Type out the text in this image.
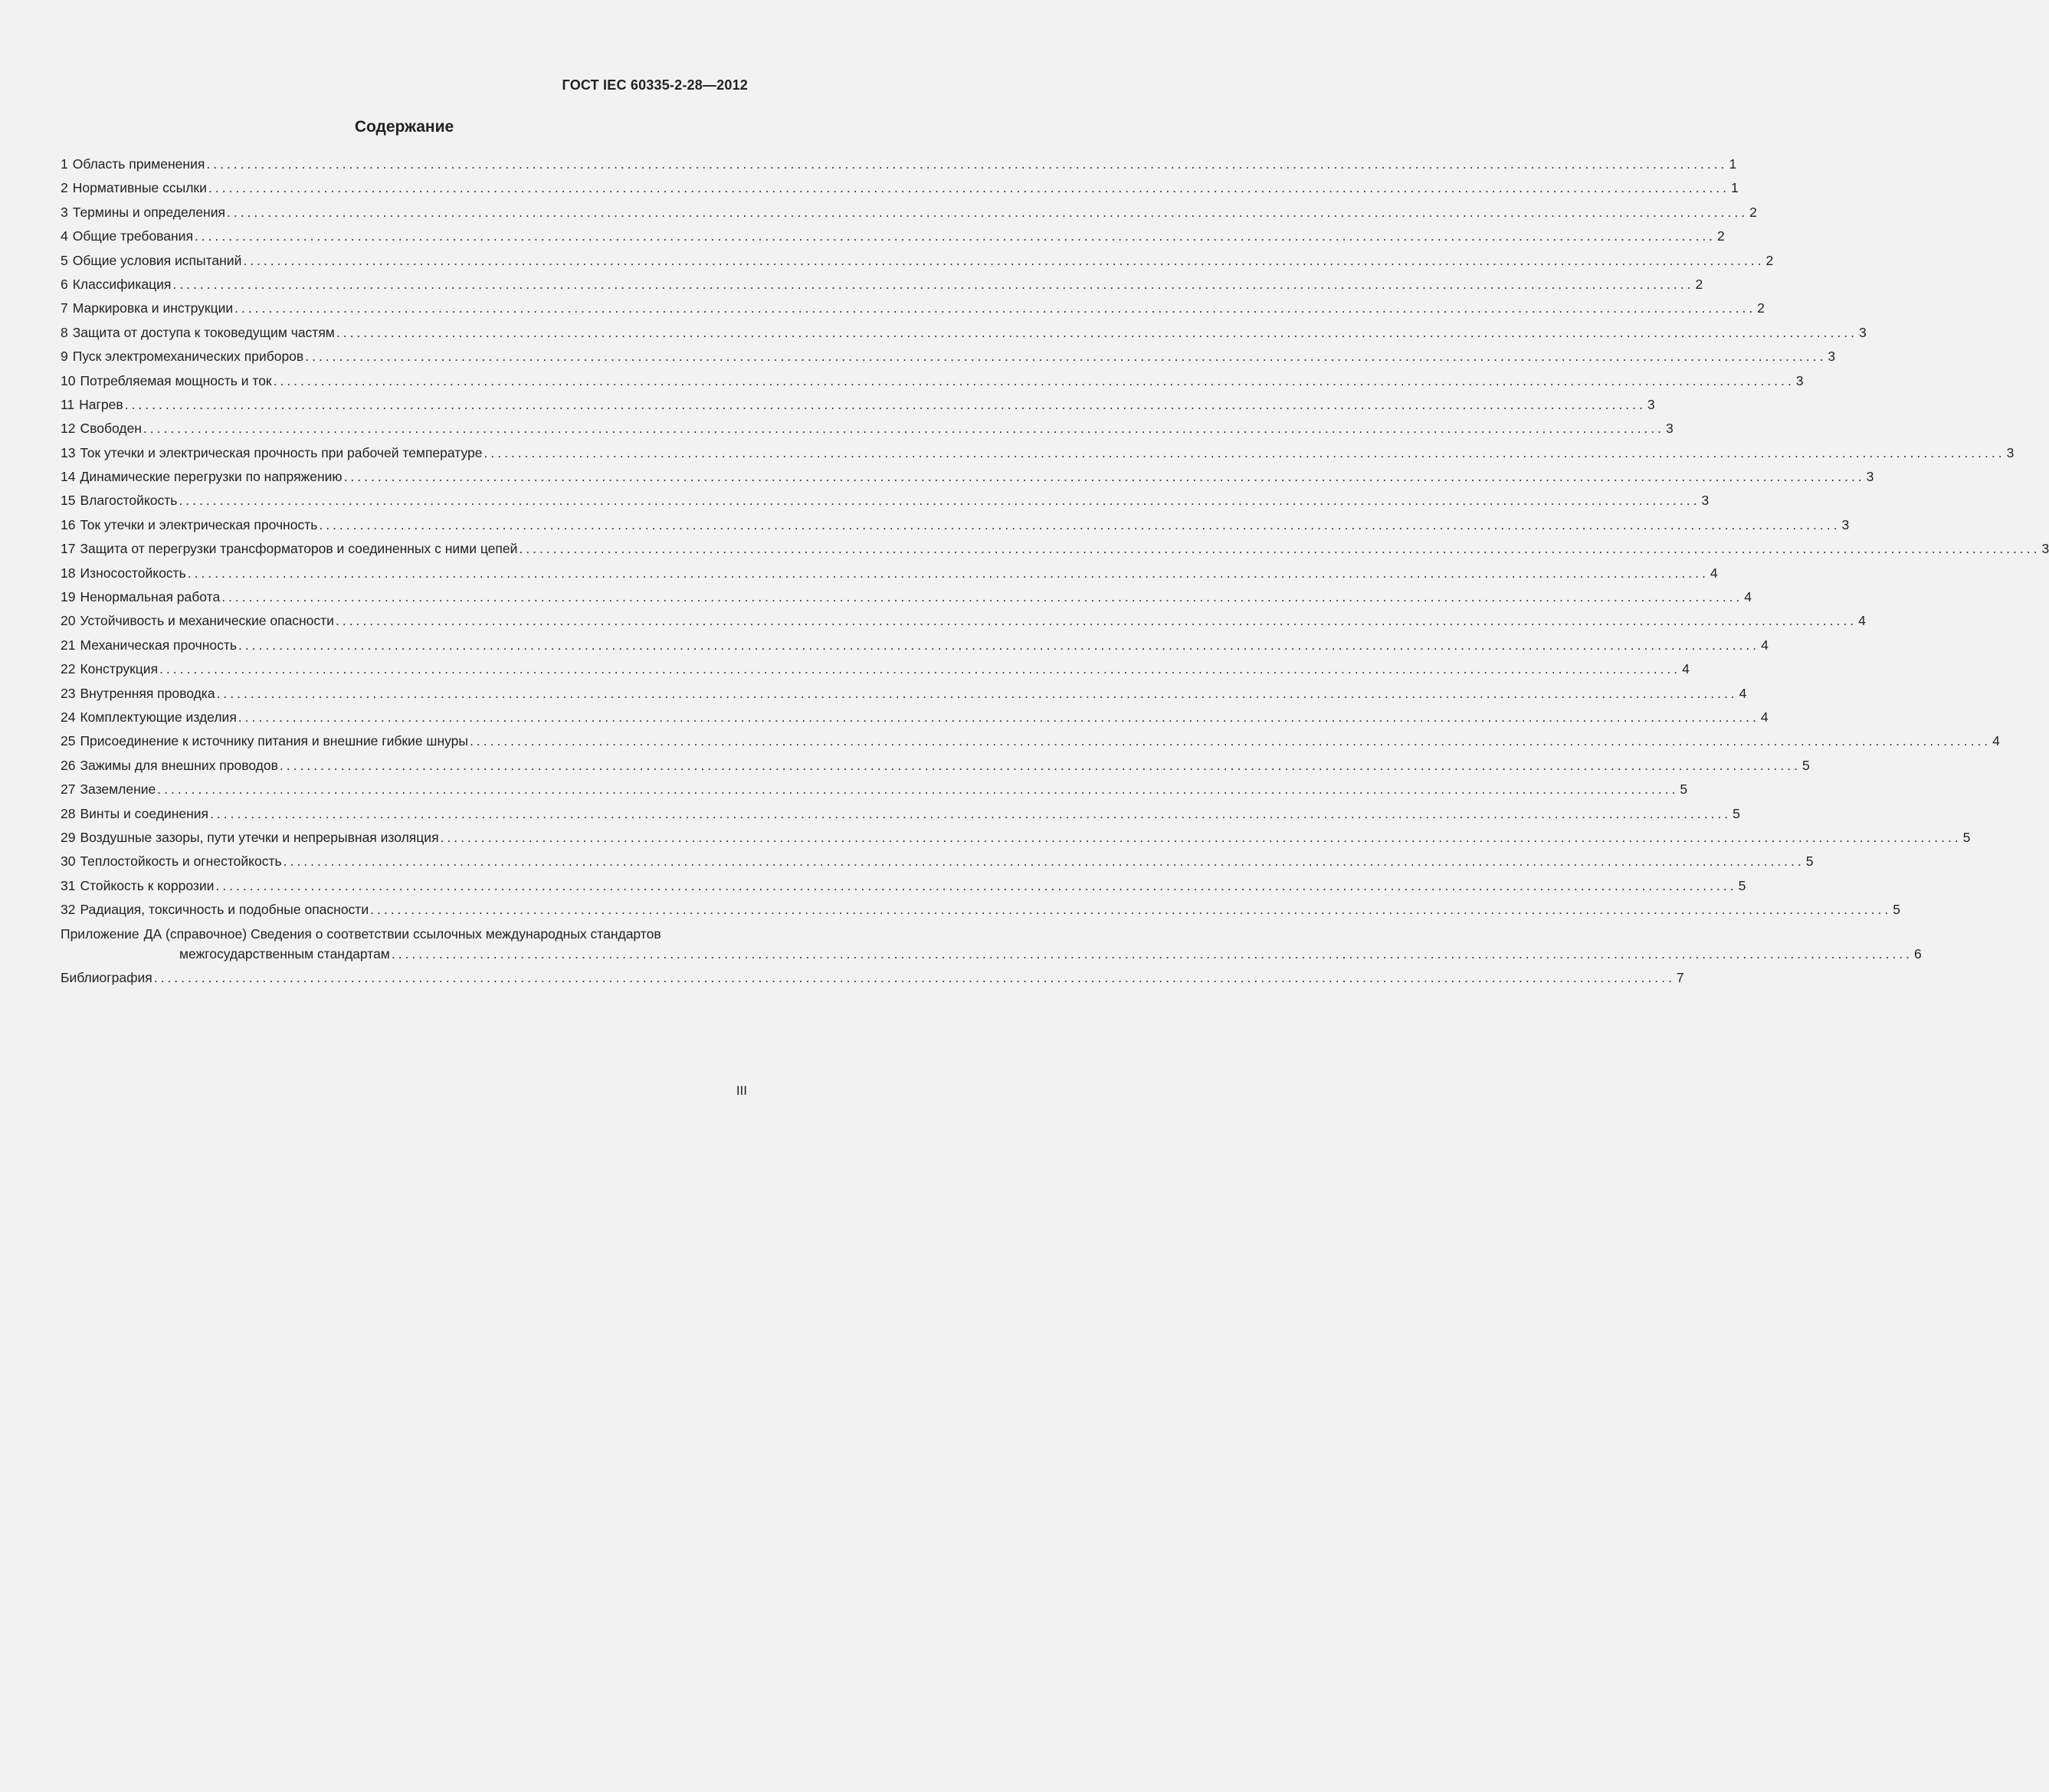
ГОСТ IEC 60335-2-28—2012
Содержание
1 Область применения ................................................................................................................................................................................................................................ 1
2 Нормативные ссылки ................................................................................................................................................................................................................................ 1
3 Термины и определения ................................................................................................................................................................................................................................ 2
4 Общие требования ................................................................................................................................................................................................................................ 2
5 Общие условия испытаний ................................................................................................................................................................................................................................ 2
6 Классификация ................................................................................................................................................................................................................................ 2
7 Маркировка и инструкции ................................................................................................................................................................................................................................ 2
8 Защита от доступа к токоведущим частям ................................................................................................................................................................................................................................ 3
9 Пуск электромеханических приборов ................................................................................................................................................................................................................................ 3
10 Потребляемая мощность и ток ................................................................................................................................................................................................................................ 3
11 Нагрев ................................................................................................................................................................................................................................ 3
12 Свободен ................................................................................................................................................................................................................................ 3
13 Ток утечки и электрическая прочность при рабочей температуре ................................................................................................................................................................................................................................ 3
14 Динамические перегрузки по напряжению ................................................................................................................................................................................................................................ 3
15 Влагостойкость ................................................................................................................................................................................................................................ 3
16 Ток утечки и электрическая прочность ................................................................................................................................................................................................................................ 3
17 Защита от перегрузки трансформаторов и соединенных с ними цепей ................................................................................................................................................................................................................................ 3
18 Износостойкость ................................................................................................................................................................................................................................ 4
19 Ненормальная работа ................................................................................................................................................................................................................................ 4
20 Устойчивость и механические опасности ................................................................................................................................................................................................................................ 4
21 Механическая прочность ................................................................................................................................................................................................................................ 4
22 Конструкция ................................................................................................................................................................................................................................ 4
23 Внутренняя проводка ................................................................................................................................................................................................................................ 4
24 Комплектующие изделия ................................................................................................................................................................................................................................ 4
25 Присоединение к источнику питания и внешние гибкие шнуры ................................................................................................................................................................................................................................ 4
26 Зажимы для внешних проводов ................................................................................................................................................................................................................................ 5
27 Заземление ................................................................................................................................................................................................................................ 5
28 Винты и соединения ................................................................................................................................................................................................................................ 5
29 Воздушные зазоры, пути утечки и непрерывная изоляция ................................................................................................................................................................................................................................ 5
30 Теплостойкость и огнестойкость ................................................................................................................................................................................................................................ 5
31 Стойкость к коррозии ................................................................................................................................................................................................................................ 5
32 Радиация, токсичность и подобные опасности ................................................................................................................................................................................................................................ 5
Приложение ДА (справочное) Сведения о соответствии ссылочных международных стандартов
межгосударственным стандартам ................................................................................................................................................................................................................................ 6
Библиография ................................................................................................................................................................................................................................ 7
III
